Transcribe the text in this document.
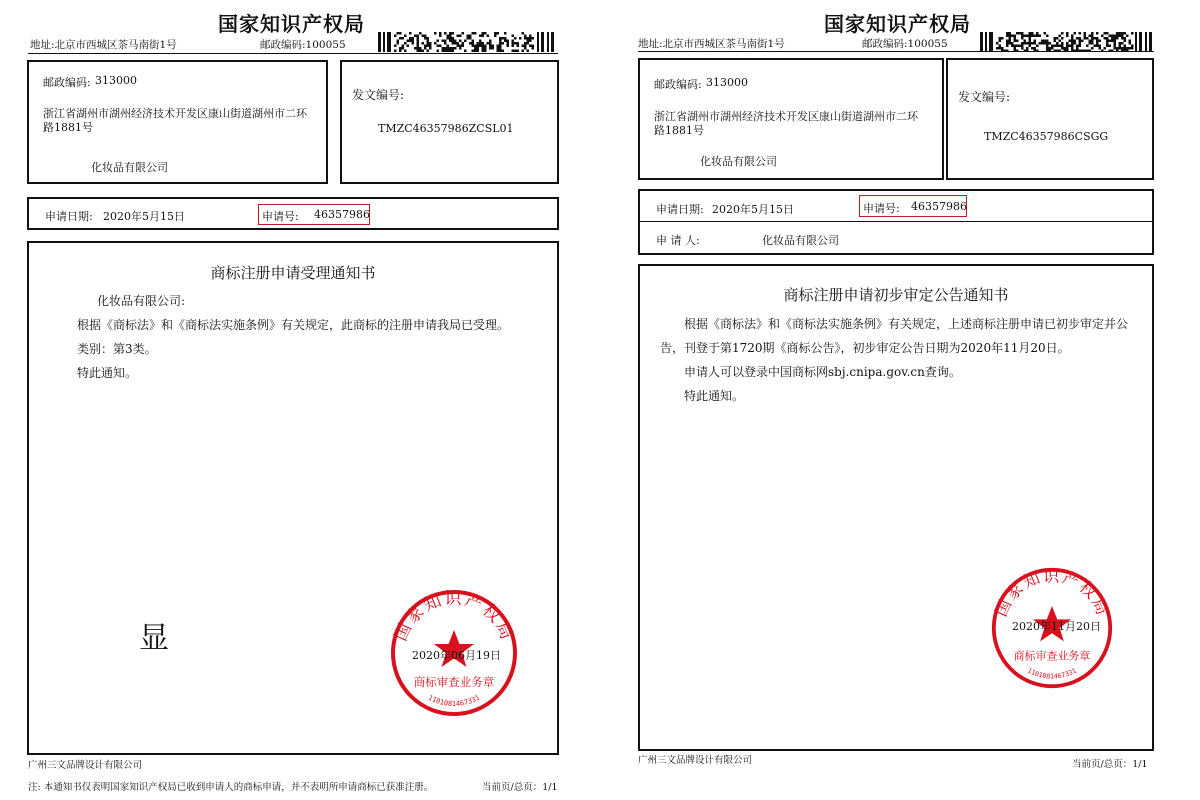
国家知识产权局
地址:北京市西城区茶马南街1号	邮政编码:100055
邮政编码: 313000
浙江省湖州市湖州经济技术开发区康山街道湖州市二环
路1881号
化妆品有限公司
发文编号:
TMZC46357986ZCSL01
申请日期: 2020年5月15日	申请号: 46357986
商标注册申请受理通知书

化妆品有限公司:

根据《商标法》和《商标法实施条例》有关规定，此商标的注册申请我局已受理。

类别：第3类。

特此通知。

显	国家知识产权局
商标审查业务章
1101081467331
2020年06月19日
广州三文品牌设计有限公司
注: 本通知书仅表明国家知识产权局已收到申请人的商标申请，并不表明所申请商标已获准注册。	当前页/总页：1/1
国家知识产权局
地址:北京市西城区茶马南街1号	邮政编码:100055
邮政编码: 313000
浙江省湖州市湖州经济技术开发区康山街道湖州市二环
路1881号
化妆品有限公司
发文编号:
TMZC46357986CSGG
申请日期: 2020年5月15日	申请号: 46357986
申 请 人:	化妆品有限公司
商标注册申请初步审定公告通知书

根据《商标法》和《商标法实施条例》有关规定，上述商标注册申请已初步审定并公

告，刊登于第1720期《商标公告》，初步审定公告日期为2020年11月20日。

申请人可以登录中国商标网sbj.cnipa.gov.cn查询。

特此通知。

国家知识产权局
商标审查业务章
1101081467331
2020年11月20日
广州三文品牌设计有限公司	当前页/总页：1/1
